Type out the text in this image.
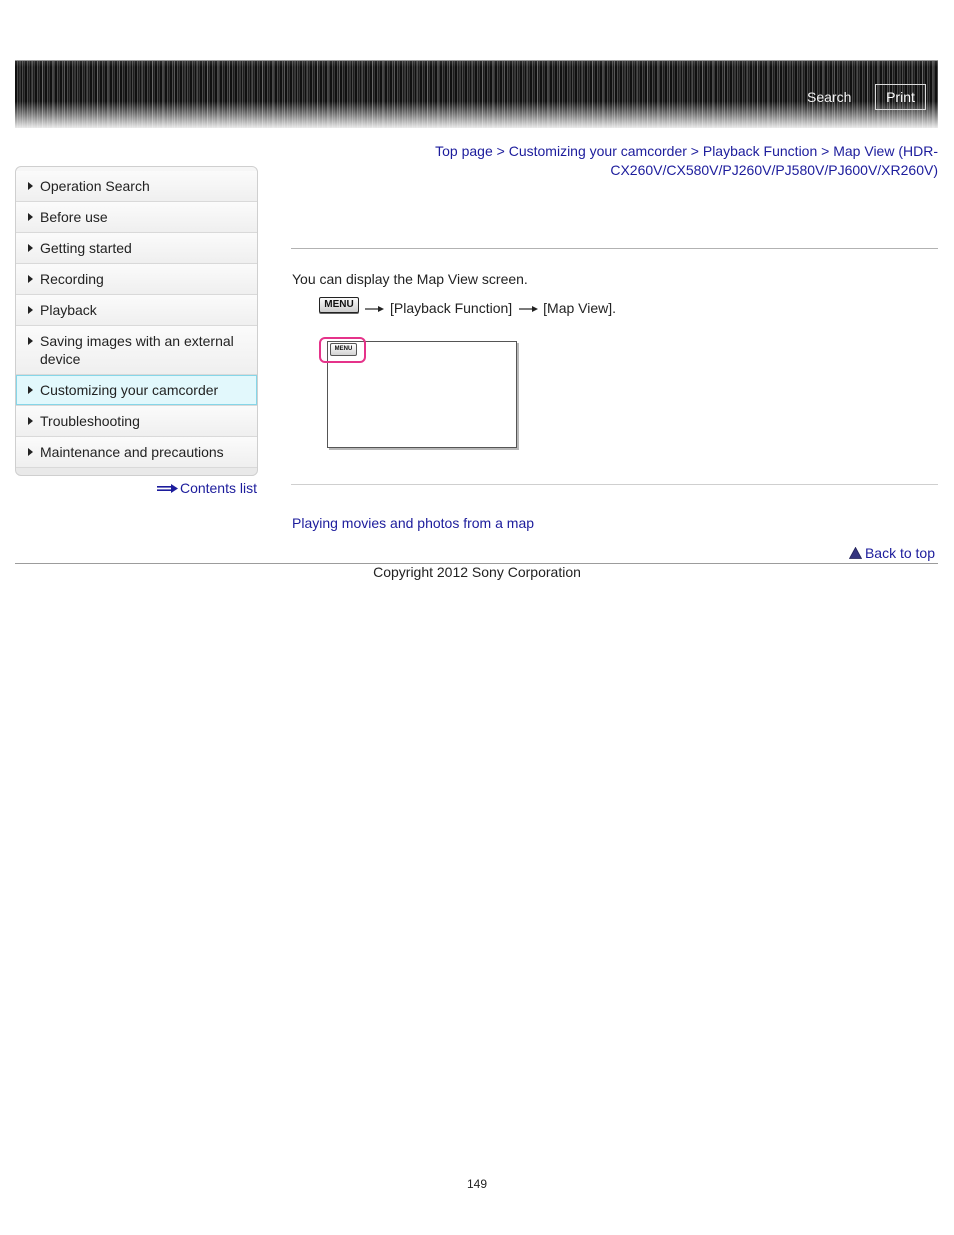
Search	Print
Top page > Customizing your camcorder > Playback Function > Map View (HDR-CX260V/CX580V/PJ260V/PJ580V/PJ600V/XR260V)
Operation Search
Before use
Getting started
Recording
Playback
Saving images with an external device
Customizing your camcorder
Troubleshooting
Maintenance and precautions
Contents list

You can display the Map View screen.

MENU	[Playback Function] [Map View].
MENU
Playing movies and photos from a map
Back to top
Copyright 2012 Sony Corporation
149
